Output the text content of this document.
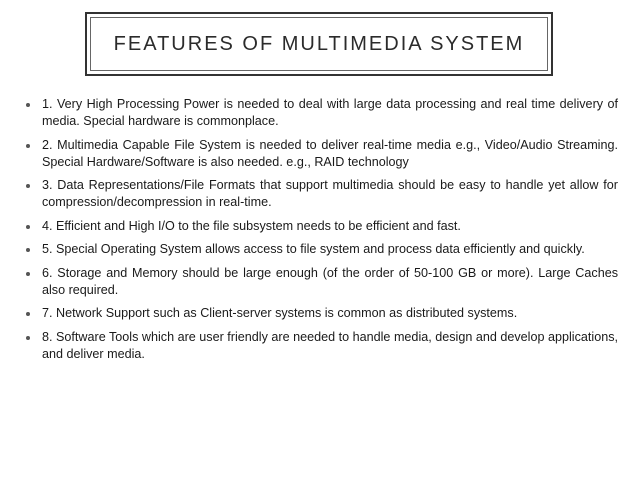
FEATURES OF MULTIMEDIA SYSTEM
1. Very High Processing Power is needed to deal with large data processing and real time delivery of media. Special hardware is commonplace.
2. Multimedia Capable File System is needed to deliver real-time media e.g., Video/Audio Streaming. Special Hardware/Software is also needed. e.g., RAID technology
3. Data Representations/File Formats that support multimedia should be easy to handle yet allow for compression/decompression in real-time.
4. Efficient and High I/O to the file subsystem needs to be efficient and fast.
5. Special Operating System allows access to file system and process data efficiently and quickly.
6. Storage and Memory should be large enough (of the order of 50-100 GB or more). Large Caches also required.
7. Network Support such as Client-server systems is common as distributed systems.
8. Software Tools which are user friendly are needed to handle media, design and develop applications, and deliver media.
